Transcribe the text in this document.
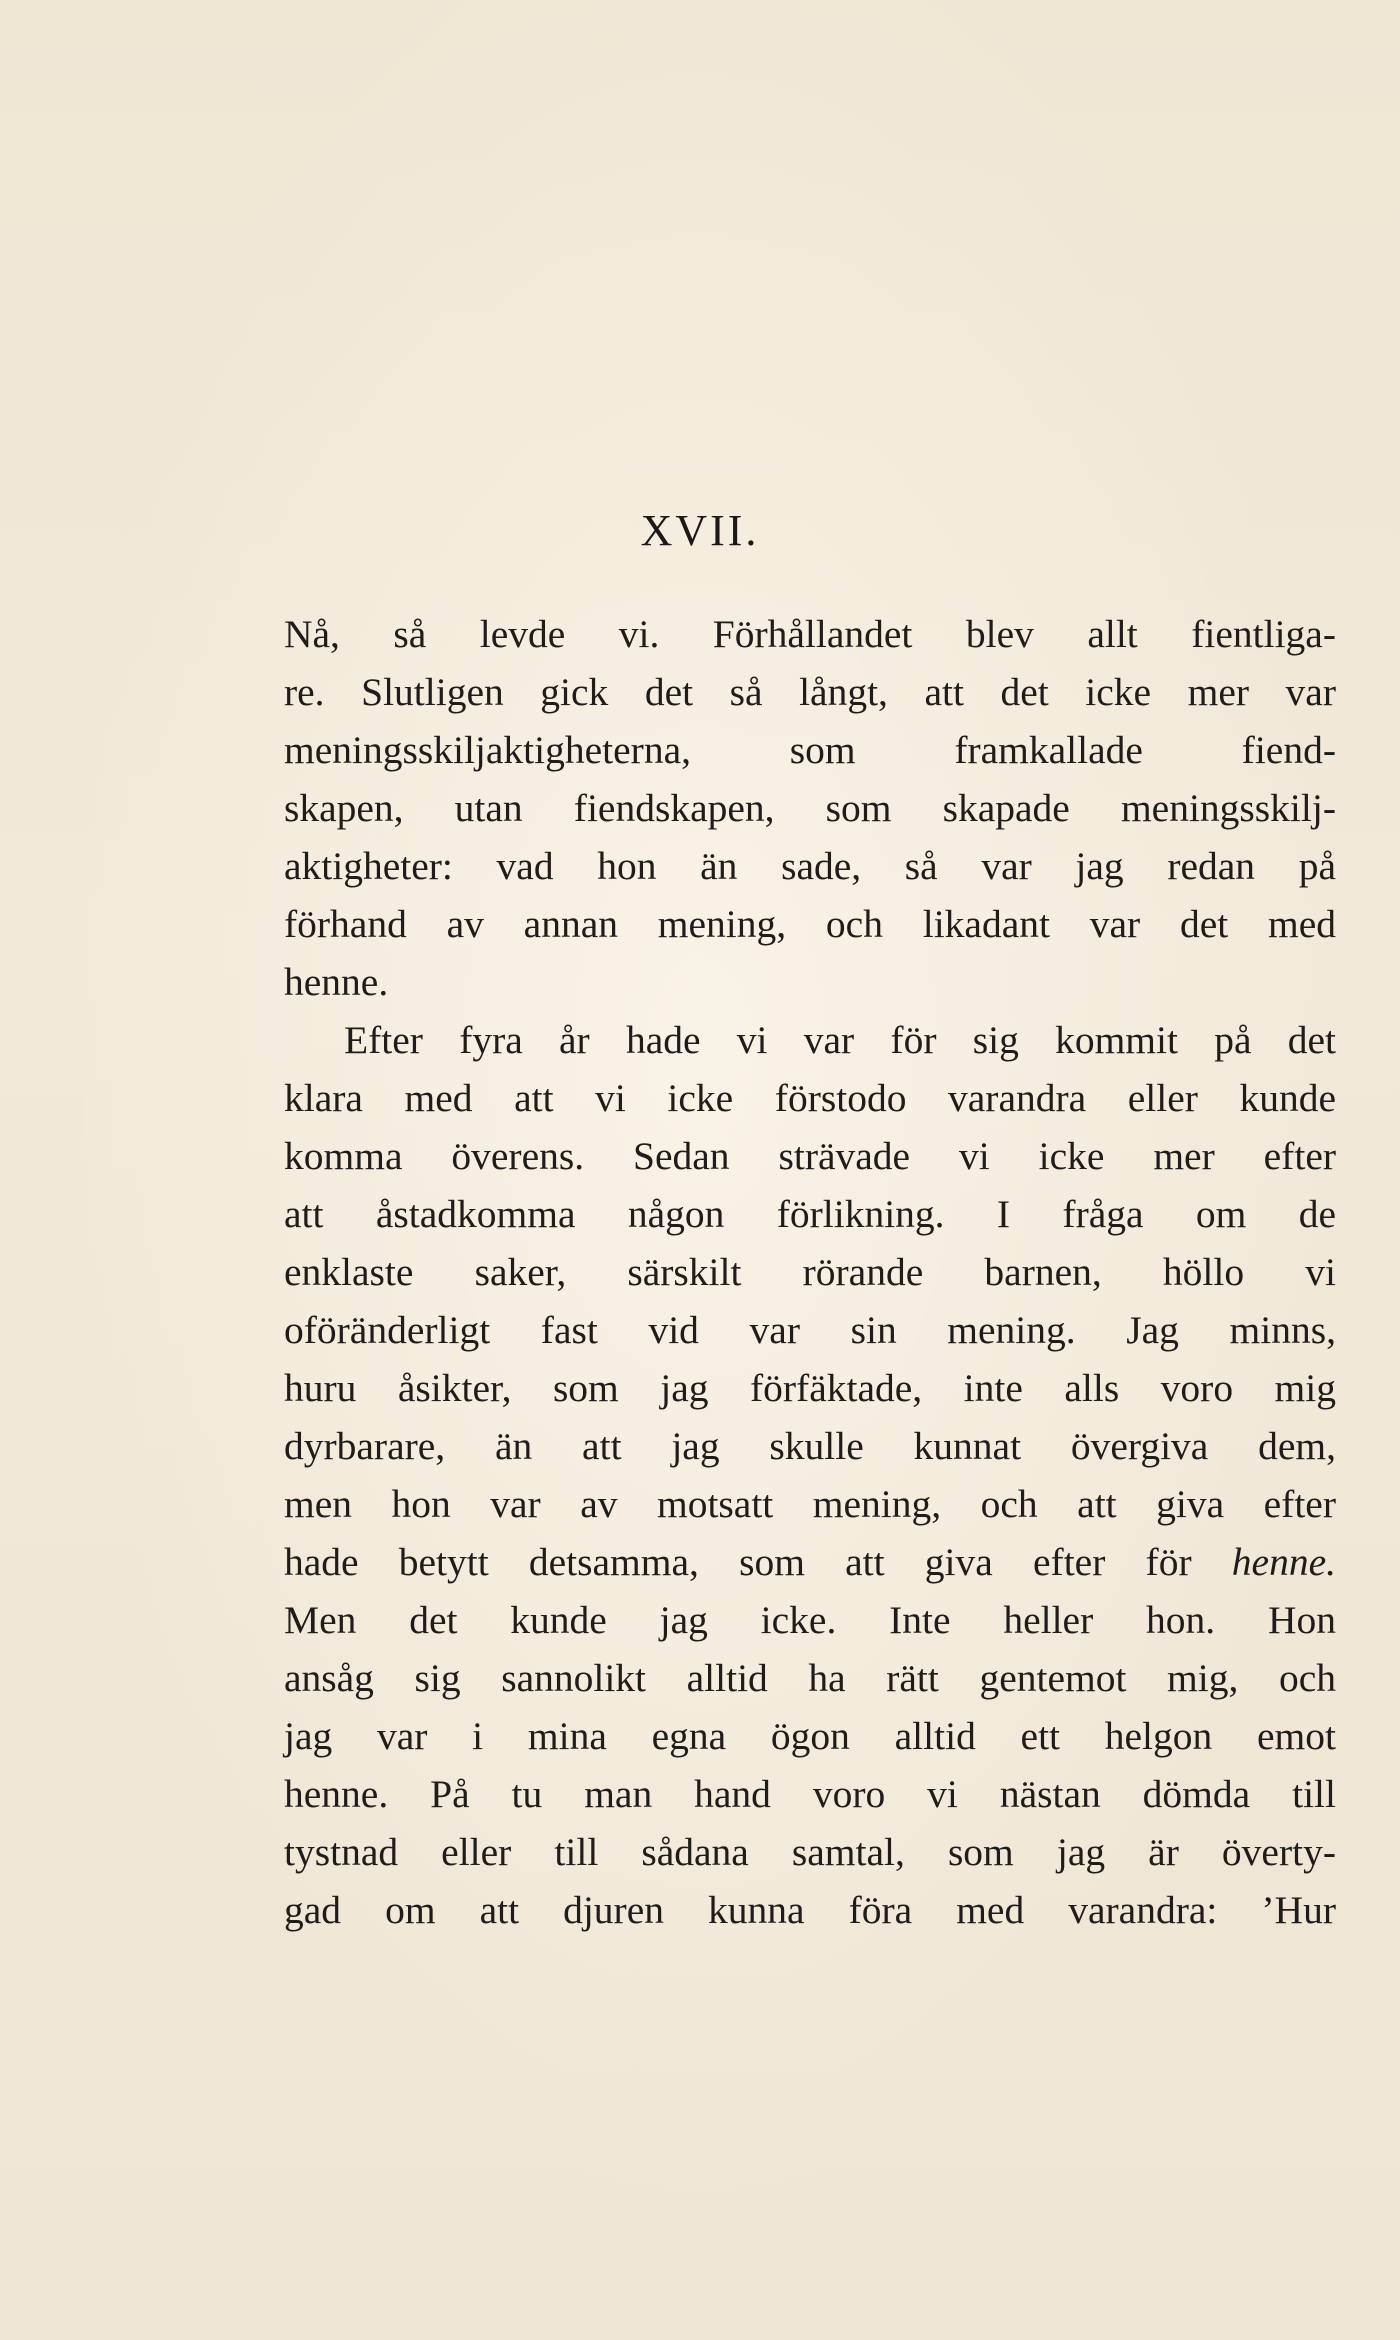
XVII.
Nå, så levde vi. Förhållandet blev allt fientliga-
re. Slutligen gick det så långt, att det icke mer var
meningsskiljaktigheterna, som framkallade fiend-
skapen, utan fiendskapen, som skapade meningsskilj-
aktigheter: vad hon än sade, så var jag redan på
förhand av annan mening, och likadant var det med
henne.
Efter fyra år hade vi var för sig kommit på det
klara med att vi icke förstodo varandra eller kunde
komma överens. Sedan strävade vi icke mer efter
att åstadkomma någon förlikning. I fråga om de
enklaste saker, särskilt rörande barnen, höllo vi
oföränderligt fast vid var sin mening. Jag minns,
huru åsikter, som jag förfäktade, inte alls voro mig
dyrbarare, än att jag skulle kunnat övergiva dem,
men hon var av motsatt mening, och att giva efter
hade betytt detsamma, som att giva efter för henne.
Men det kunde jag icke. Inte heller hon. Hon
ansåg sig sannolikt alltid ha rätt gentemot mig, och
jag var i mina egna ögon alltid ett helgon emot
henne. På tu man hand voro vi nästan dömda till
tystnad eller till sådana samtal, som jag är överty-
gad om att djuren kunna föra med varandra: ’Hur
